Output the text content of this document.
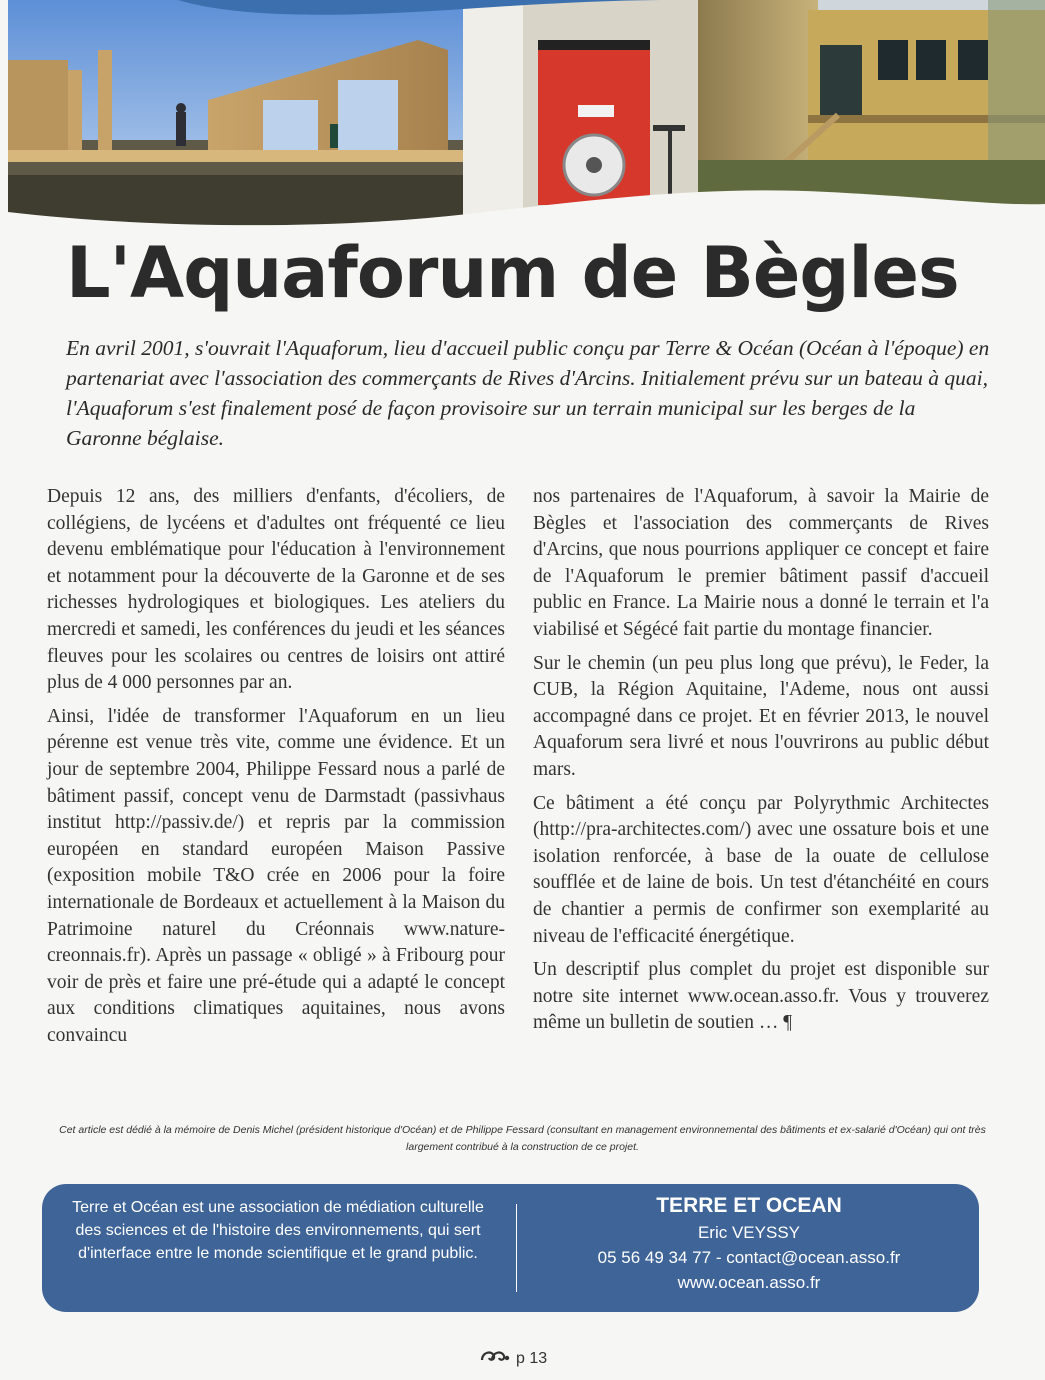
L'Aquaforum de Bègles

En avril 2001, s'ouvrait l'Aquaforum, lieu d'accueil public conçu par Terre & Océan (Océan à l'époque) en partenariat avec l'association des commerçants de Rives d'Arcins. Initialement prévu sur un bateau à quai, l'Aquaforum s'est finalement posé de façon provisoire sur un terrain municipal sur les berges de la Garonne béglaise.

Depuis 12 ans, des milliers d'enfants, d'écoliers, de collégiens, de lycéens et d'adultes ont fréquenté ce lieu devenu emblématique pour l'éducation à l'environnement et notamment pour la découverte de la Garonne et de ses richesses hydrologiques et biologiques. Les ateliers du mercredi et samedi, les conférences du jeudi et les séances fleuves pour les scolaires ou centres de loisirs ont attiré plus de 4 000 personnes par an.

Ainsi, l'idée de transformer l'Aquaforum en un lieu pérenne est venue très vite, comme une évidence. Et un jour de septembre 2004, Philippe Fessard nous a parlé de bâtiment passif, concept venu de Darmstadt (passivhaus institut http://passiv.de/) et repris par la commission européen en standard européen Maison Passive (exposition mobile T&O crée en 2006 pour la foire internationale de Bordeaux et actuellement à la Maison du Patrimoine naturel du Créonnais www.nature-creonnais.fr). Après un passage « obligé » à Fribourg pour voir de près et faire une pré-étude qui a adapté le concept aux conditions climatiques aquitaines, nous avons convaincu

nos partenaires de l'Aquaforum, à savoir la Mairie de Bègles et l'association des commerçants de Rives d'Arcins, que nous pourrions appliquer ce concept et faire de l'Aquaforum le premier bâtiment passif d'accueil public en France. La Mairie nous a donné le terrain et l'a viabilisé et Ségécé fait partie du montage financier.

Sur le chemin (un peu plus long que prévu), le Feder, la CUB, la Région Aquitaine, l'Ademe, nous ont aussi accompagné dans ce projet. Et en février 2013, le nouvel Aquaforum sera livré et nous l'ouvrirons au public début mars.

Ce bâtiment a été conçu par Polyrythmic Architectes (http://pra-architectes.com/) avec une ossature bois et une isolation renforcée, à base de la ouate de cellulose soufflée et de laine de bois. Un test d'étanchéité en cours de chantier a permis de confirmer son exemplarité au niveau de l'efficacité énergétique.

Un descriptif plus complet du projet est disponible sur notre site internet www.ocean.asso.fr. Vous y trouverez même un bulletin de soutien … ¶

Cet article est dédié à la mémoire de Denis Michel (président historique d'Océan) et de Philippe Fessard (consultant en management environnemental des bâtiments et ex-salarié d'Océan) qui ont très largement contribué à la construction de ce projet.

Terre et Océan est une association de médiation culturelle des sciences et de l'histoire des environnements, qui sert d'interface entre le monde scientifique et le grand public.
TERRE ET OCEAN
Eric VEYSSY
05 56 49 34 77 - contact@ocean.asso.fr
www.ocean.asso.fr
p 13
